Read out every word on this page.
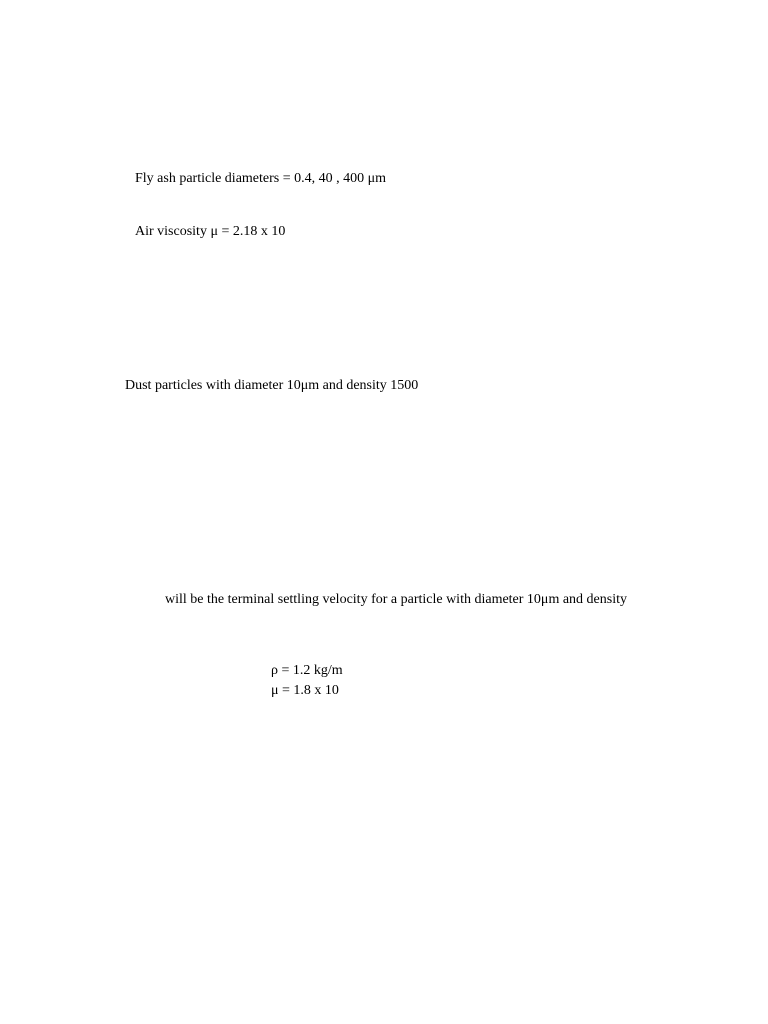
Fly ash particle diameters = 0.4, 40 , 400 μm
Air viscosity μ = 2.18 x 10
Dust particles with diameter 10μm and density 1500
will be the terminal settling velocity for a particle with diameter 10μm and density
ρ = 1.2 kg/m
μ = 1.8 x 10
